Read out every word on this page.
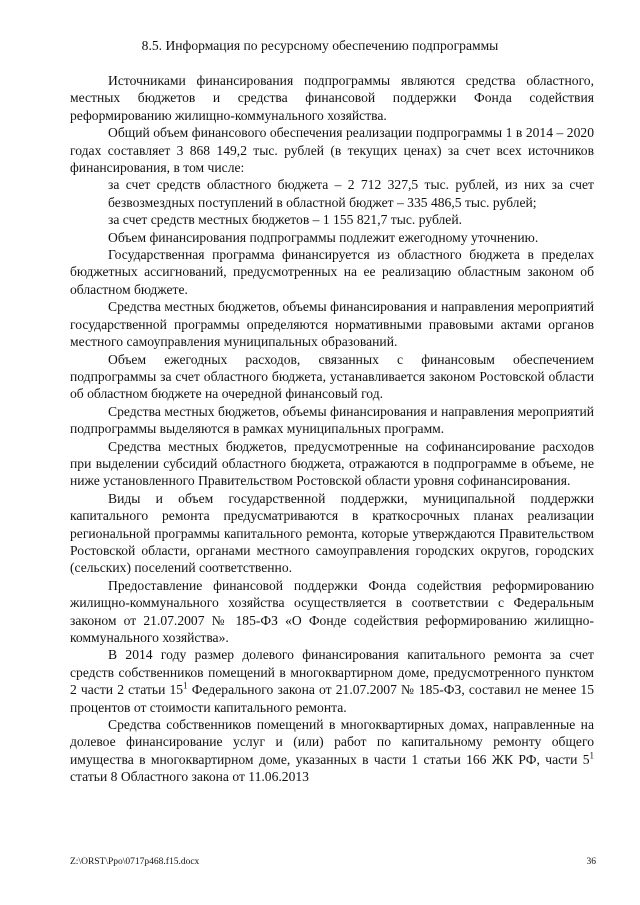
8.5. Информация по ресурсному обеспечению подпрограммы

Источниками финансирования подпрограммы являются средства областного, местных бюджетов и средства финансовой поддержки Фонда содействия реформированию жилищно-коммунального хозяйства.

Общий объем финансового обеспечения реализации подпрограммы 1 в 2014 – 2020 годах составляет 3 868 149,2 тыс. рублей (в текущих ценах) за счет всех источников финансирования, в том числе:

за счет средств областного бюджета – 2 712 327,5 тыс. рублей, из них за счет безвозмездных поступлений в областной бюджет – 335 486,5 тыс. рублей;

за счет средств местных бюджетов – 1 155 821,7 тыс. рублей.

Объем финансирования подпрограммы подлежит ежегодному уточнению.

Государственная программа финансируется из областного бюджета в пределах бюджетных ассигнований, предусмотренных на ее реализацию областным законом об областном бюджете.

Средства местных бюджетов, объемы финансирования и направления мероприятий государственной программы определяются нормативными правовыми актами органов местного самоуправления муниципальных образований.

Объем ежегодных расходов, связанных с финансовым обеспечением подпрограммы за счет областного бюджета, устанавливается законом Ростовской области об областном бюджете на очередной финансовый год.

Средства местных бюджетов, объемы финансирования и направления мероприятий подпрограммы выделяются в рамках муниципальных программ.

Средства местных бюджетов, предусмотренные на софинансирование расходов при выделении субсидий областного бюджета, отражаются в подпрограмме в объеме, не ниже установленного Правительством Ростовской области уровня софинансирования.

Виды и объем государственной поддержки, муниципальной поддержки капитального ремонта предусматриваются в краткосрочных планах реализации региональной программы капитального ремонта, которые утверждаются Правительством Ростовской области, органами местного самоуправления городских округов, городских (сельских) поселений соответственно.

Предоставление финансовой поддержки Фонда содействия реформированию жилищно-коммунального хозяйства осуществляется в соответствии с Федеральным законом от 21.07.2007 № 185-ФЗ «О Фонде содействия реформированию жилищно-коммунального хозяйства».

В 2014 году размер долевого финансирования капитального ремонта за счет средств собственников помещений в многоквартирном доме, предусмотренного пунктом 2 части 2 статьи $15^1$ Федерального закона от 21.07.2007 № 185-ФЗ, составил не менее 15 процентов от стоимости капитального ремонта.

Средства собственников помещений в многоквартирных домах, направленные на долевое финансирование услуг и (или) работ по капитальному ремонту общего имущества в многоквартирном доме, указанных в части 1 статьи 166 ЖК РФ, части $5^1$ статьи 8 Областного закона от 11.06.2013

Z:\ORST\Ppo\0717p468.f15.docx	36
